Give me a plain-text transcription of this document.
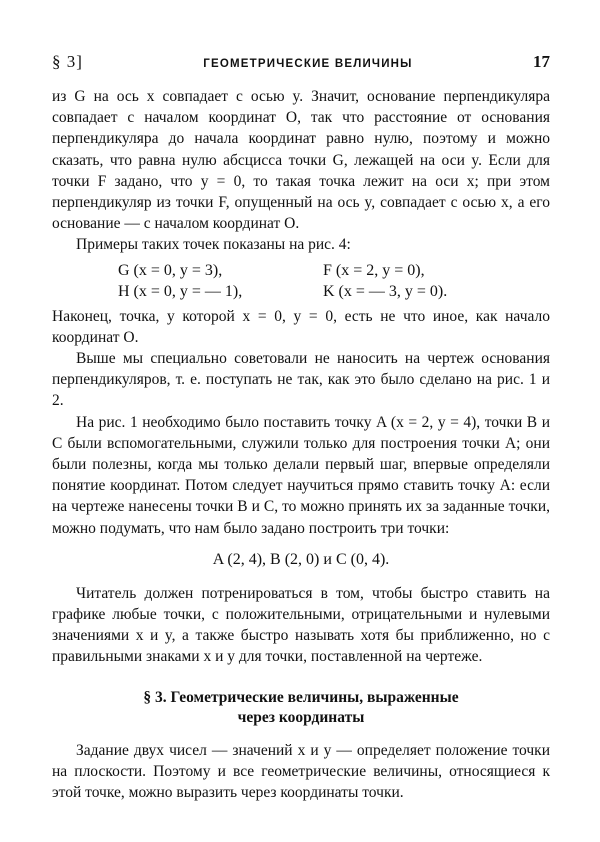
§ 3]	ГЕОМЕТРИЧЕСКИЕ ВЕЛИЧИНЫ	17

из G на ось x совпадает с осью y. Значит, основание перпендикуляра совпадает с началом координат O, так что расстояние от основания перпендикуляра до начала координат равно нулю, поэтому и можно сказать, что равна нулю абсцисса точки G, лежащей на оси y. Если для точки F задано, что y = 0, то такая точка лежит на оси x; при этом перпендикуляр из точки F, опущенный на ось y, совпадает с осью x, а его основание — с началом координат O.

Примеры таких точек показаны на рис. 4:

G (x = 0, y = 3),	F (x = 2, y = 0),
H (x = 0, y = — 1),	K (x = — 3, y = 0).

Наконец, точка, у которой x = 0, y = 0, есть не что иное, как начало координат O.

Выше мы специально советовали не наносить на чертеж основания перпендикуляров, т. е. поступать не так, как это было сделано на рис. 1 и 2.

На рис. 1 необходимо было поставить точку A (x = 2, y = 4), точки B и C были вспомогательными, служили только для построения точки A; они были полезны, когда мы только делали первый шаг, впервые определяли понятие координат. Потом следует научиться прямо ставить точку A: если на чертеже нанесены точки B и C, то можно принять их за заданные точки, можно подумать, что нам было задано построить три точки:

A (2, 4), B (2, 0) и C (0, 4).

Читатель должен потренироваться в том, чтобы быстро ставить на графике любые точки, с положительными, отрицательными и нулевыми значениями x и y, а также быстро называть хотя бы приближенно, но с правильными знаками x и y для точки, поставленной на чертеже.

§ 3. Геометрические величины, выраженные
через координаты

Задание двух чисел — значений x и y — определяет положение точки на плоскости. Поэтому и все геометрические величины, относящиеся к этой точке, можно выразить через координаты точки.
